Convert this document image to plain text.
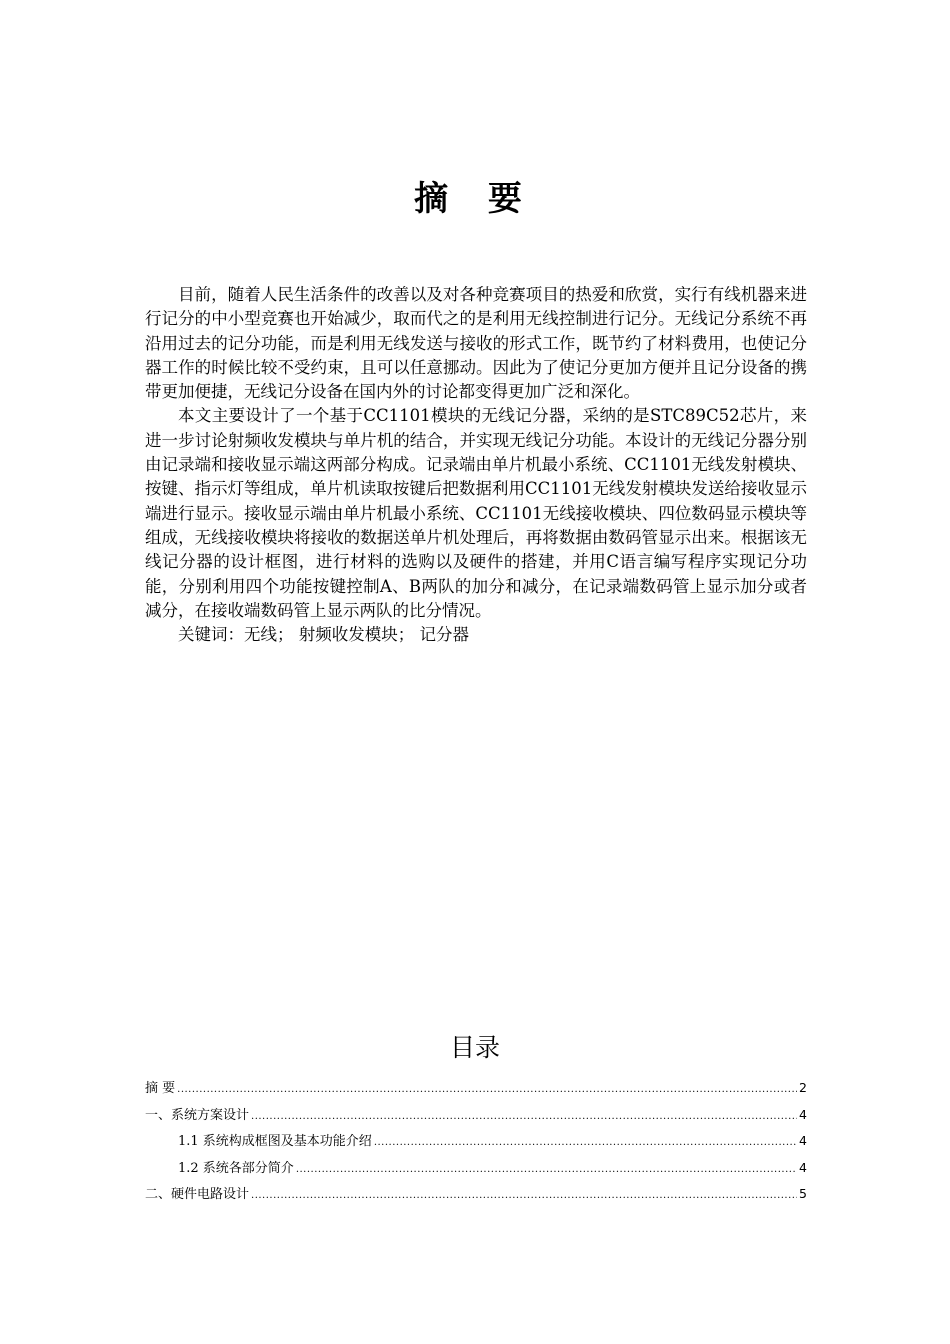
摘 要

目前，随着人民生活条件的改善以及对各种竞赛项目的热爱和欣赏，实行有线机器来进行记分的中小型竞赛也开始减少，取而代之的是利用无线控制进行记分。无线记分系统不再沿用过去的记分功能，而是利用无线发送与接收的形式工作，既节约了材料费用，也使记分器工作的时候比较不受约束，且可以任意挪动。因此为了使记分更加方便并且记分设备的携带更加便捷，无线记分设备在国内外的讨论都变得更加广泛和深化。

本文主要设计了一个基于CC1101模块的无线记分器，采纳的是STC89C52芯片，来进一步讨论射频收发模块与单片机的结合，并实现无线记分功能。本设计的无线记分器分别由记录端和接收显示端这两部分构成。记录端由单片机最小系统、CC1101无线发射模块、按键、指示灯等组成，单片机读取按键后把数据利用CC1101无线发射模块发送给接收显示端进行显示。接收显示端由单片机最小系统、CC1101无线接收模块、四位数码显示模块等组成，无线接收模块将接收的数据送单片机处理后，再将数据由数码管显示出来。根据该无线记分器的设计框图，进行材料的选购以及硬件的搭建，并用C语言编写程序实现记分功能，分别利用四个功能按键控制A、B两队的加分和减分，在记录端数码管上显示加分或者减分，在接收端数码管上显示两队的比分情况。

关键词：无线； 射频收发模块； 记分器

目录
摘 要 .....	2
一、系统方案设计 .....	4
1.1 系统构成框图及基本功能介绍 .....	4
1.2 系统各部分简介 .....	4
二、硬件电路设计 .....	5
